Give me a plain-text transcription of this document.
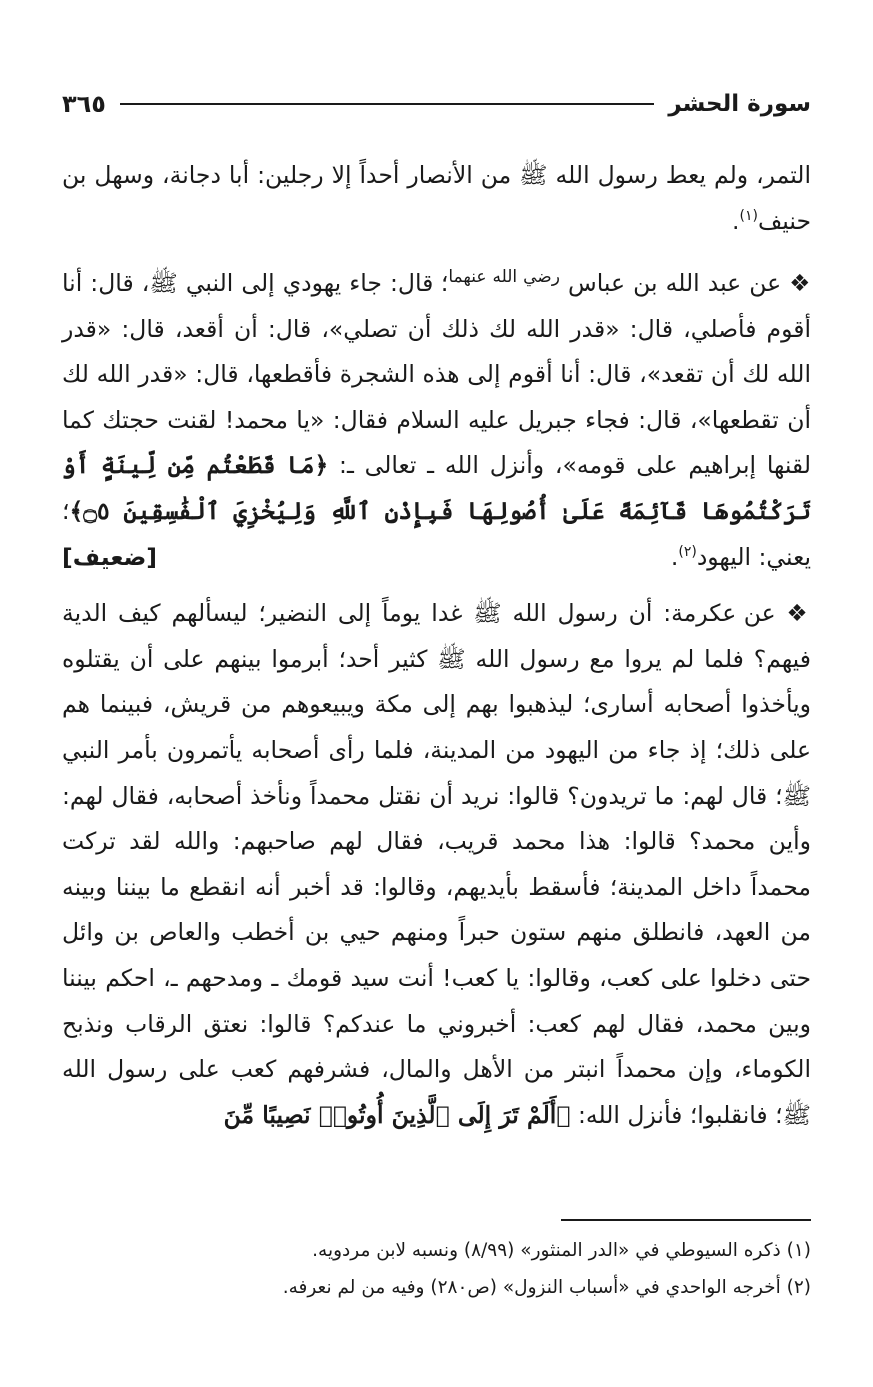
سورة الحشر
٣٦٥

التمر، ولم يعط رسول الله ﷺ من الأنصار أحداً إلا رجلين: أبا دجانة، وسهل بن حنيف$^{(١)}$.

❖ عن عبد الله بن عباس $^{رضي الله عنهما}$؛ قال: جاء يهودي إلى النبي ﷺ، قال: أنا أقوم فأصلي، قال: «قدر الله لك ذلك أن تصلي»، قال: أن أقعد، قال: «قدر الله لك أن تقعد»، قال: أنا أقوم إلى هذه الشجرة فأقطعها، قال: «قدر الله لك أن تقطعها»، قال: فجاء جبريل عليه السلام فقال: «يا محمد! لقنت حجتك كما لقنها إبراهيم على قومه»، وأنزل الله ـ تعالى ـ: ﴿مَا قَطَعْتُم مِّن لِّينَةٍ أَوْ تَرَكْتُمُوهَا قَآئِمَةً عَلَىٰ أُصُولِهَا فَبِإِذْنِ ٱللَّهِ وَلِيُخْزِيَ ٱلْفَٰسِقِينَ ۝٥﴾؛ يعني: اليهود$^{(٢)}$.
[ضعيف]

❖ عن عكرمة: أن رسول الله ﷺ غدا يوماً إلى النضير؛ ليسألهم كيف الدية فيهم؟ فلما لم يروا مع رسول الله ﷺ كثير أحد؛ أبرموا بينهم على أن يقتلوه ويأخذوا أصحابه أسارى؛ ليذهبوا بهم إلى مكة ويبيعوهم من قريش، فبينما هم على ذلك؛ إذ جاء من اليهود من المدينة، فلما رأى أصحابه يأتمرون بأمر النبي ﷺ؛ قال لهم: ما تريدون؟ قالوا: نريد أن نقتل محمداً ونأخذ أصحابه، فقال لهم: وأين محمد؟ قالوا: هذا محمد قريب، فقال لهم صاحبهم: والله لقد تركت محمداً داخل المدينة؛ فأسقط بأيديهم، وقالوا: قد أخبر أنه انقطع ما بيننا وبينه من العهد، فانطلق منهم ستون حبراً ومنهم حيي بن أخطب والعاص بن وائل حتى دخلوا على كعب، وقالوا: يا كعب! أنت سيد قومك ـ ومدحهم ـ، احكم بيننا وبين محمد، فقال لهم كعب: أخبروني ما عندكم؟ قالوا: نعتق الرقاب ونذبح الكوماء، وإن محمداً انبتر من الأهل والمال، فشرفهم كعب على رسول الله ﷺ؛ فانقلبوا؛ فأنزل الله: ﴿أَلَمْ تَرَ إِلَى ٱلَّذِينَ أُوتُوا۟ نَصِيبًا مِّنَ

(١) ذكره السيوطي في «الدر المنثور» (٨/٩٩) ونسبه لابن مردويه.

(٢) أخرجه الواحدي في «أسباب النزول» (ص٢٨٠) وفيه من لم نعرفه.
